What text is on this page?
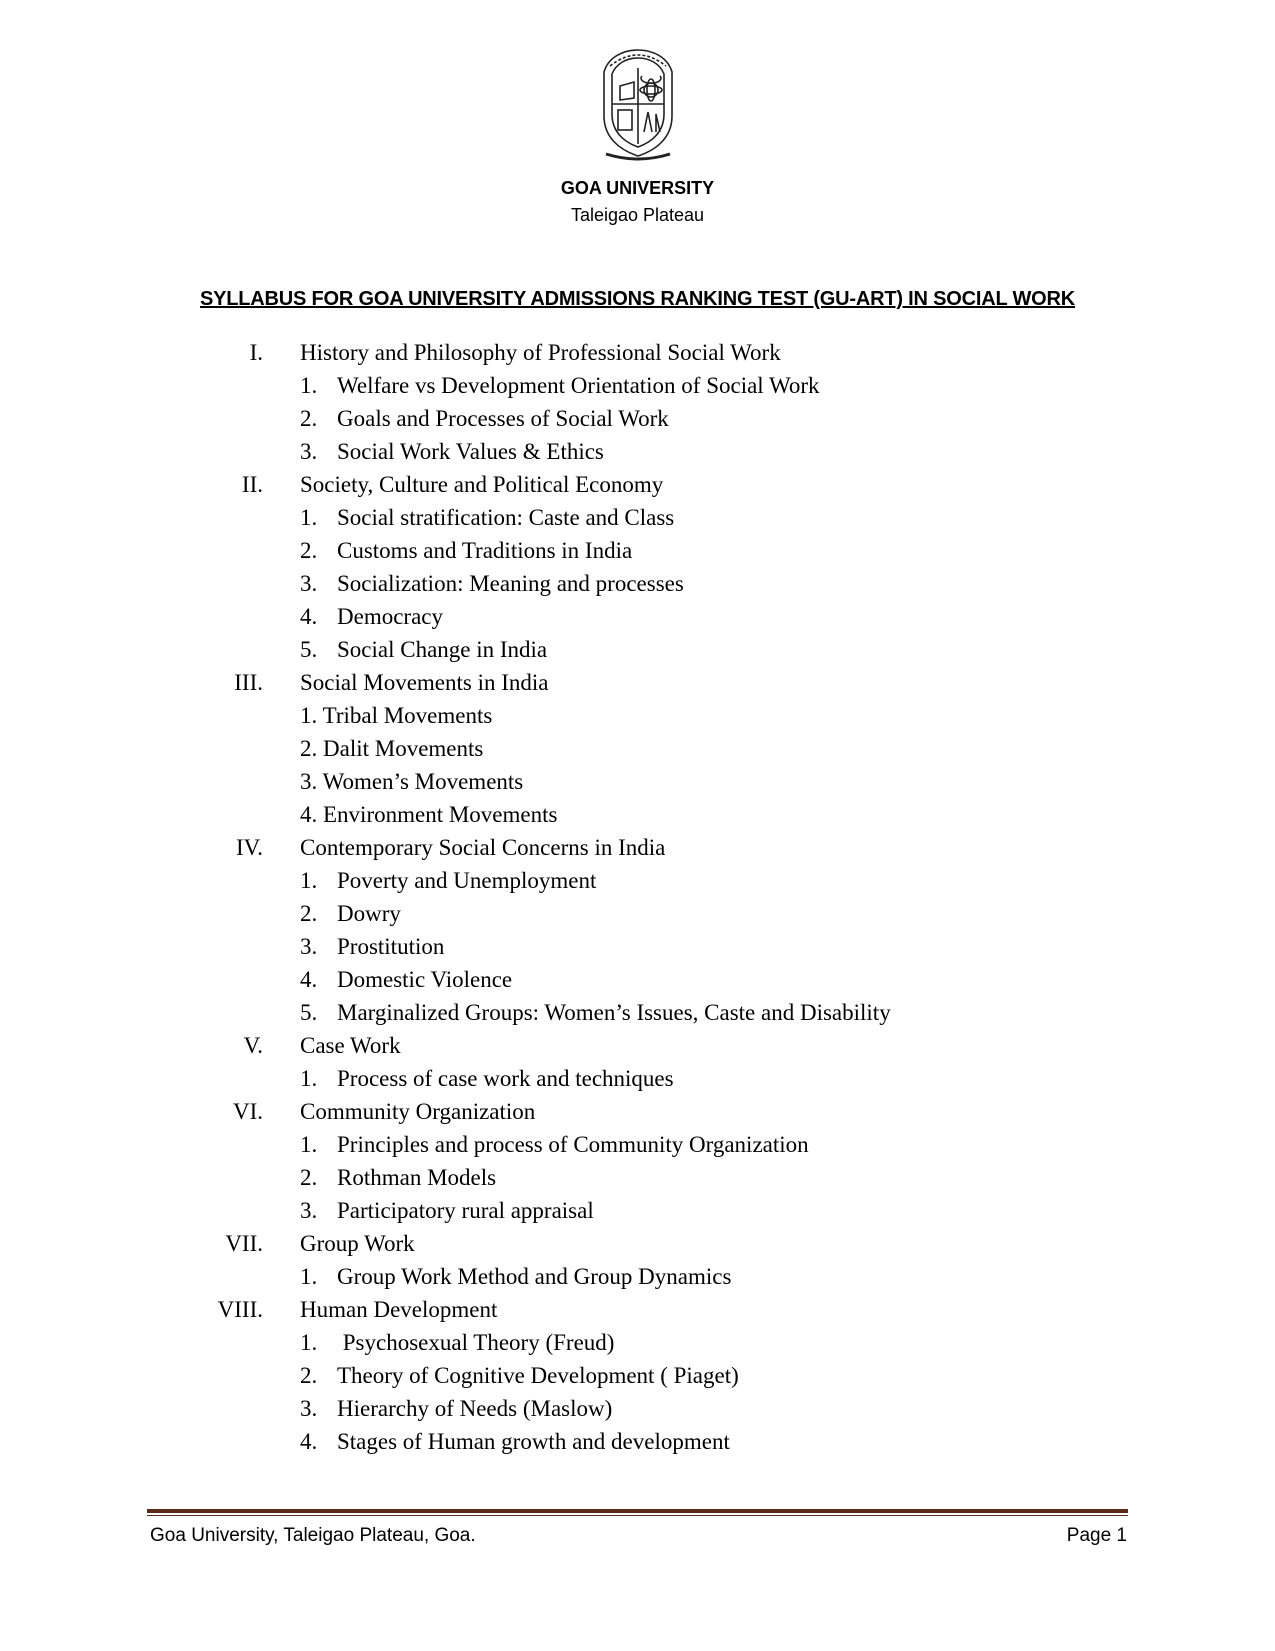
GOA UNIVERSITY
Taleigao Plateau
SYLLABUS FOR GOA UNIVERSITY ADMISSIONS RANKING TEST (GU-ART) IN SOCIAL WORK
I. History and Philosophy of Professional Social Work
1. Welfare vs Development Orientation of Social Work
2. Goals and Processes of Social Work
3. Social Work Values & Ethics
II. Society, Culture and Political Economy
1. Social stratification: Caste and Class
2. Customs and Traditions in India
3. Socialization: Meaning and processes
4. Democracy
5. Social Change in India
III. Social Movements in India
1. Tribal Movements
2. Dalit Movements
3. Women’s Movements
4. Environment Movements
IV. Contemporary Social Concerns in India
1. Poverty and Unemployment
2. Dowry
3. Prostitution
4. Domestic Violence
5. Marginalized Groups: Women’s Issues, Caste and Disability
V. Case Work
1. Process of case work and techniques
VI. Community Organization
1. Principles and process of Community Organization
2. Rothman Models
3. Participatory rural appraisal
VII. Group Work
1. Group Work Method and Group Dynamics
VIII. Human Development
1. Psychosexual Theory (Freud)
2. Theory of Cognitive Development ( Piaget)
3. Hierarchy of Needs (Maslow)
4. Stages of Human growth and development
Goa University, Taleigao Plateau, Goa.	Page 1
